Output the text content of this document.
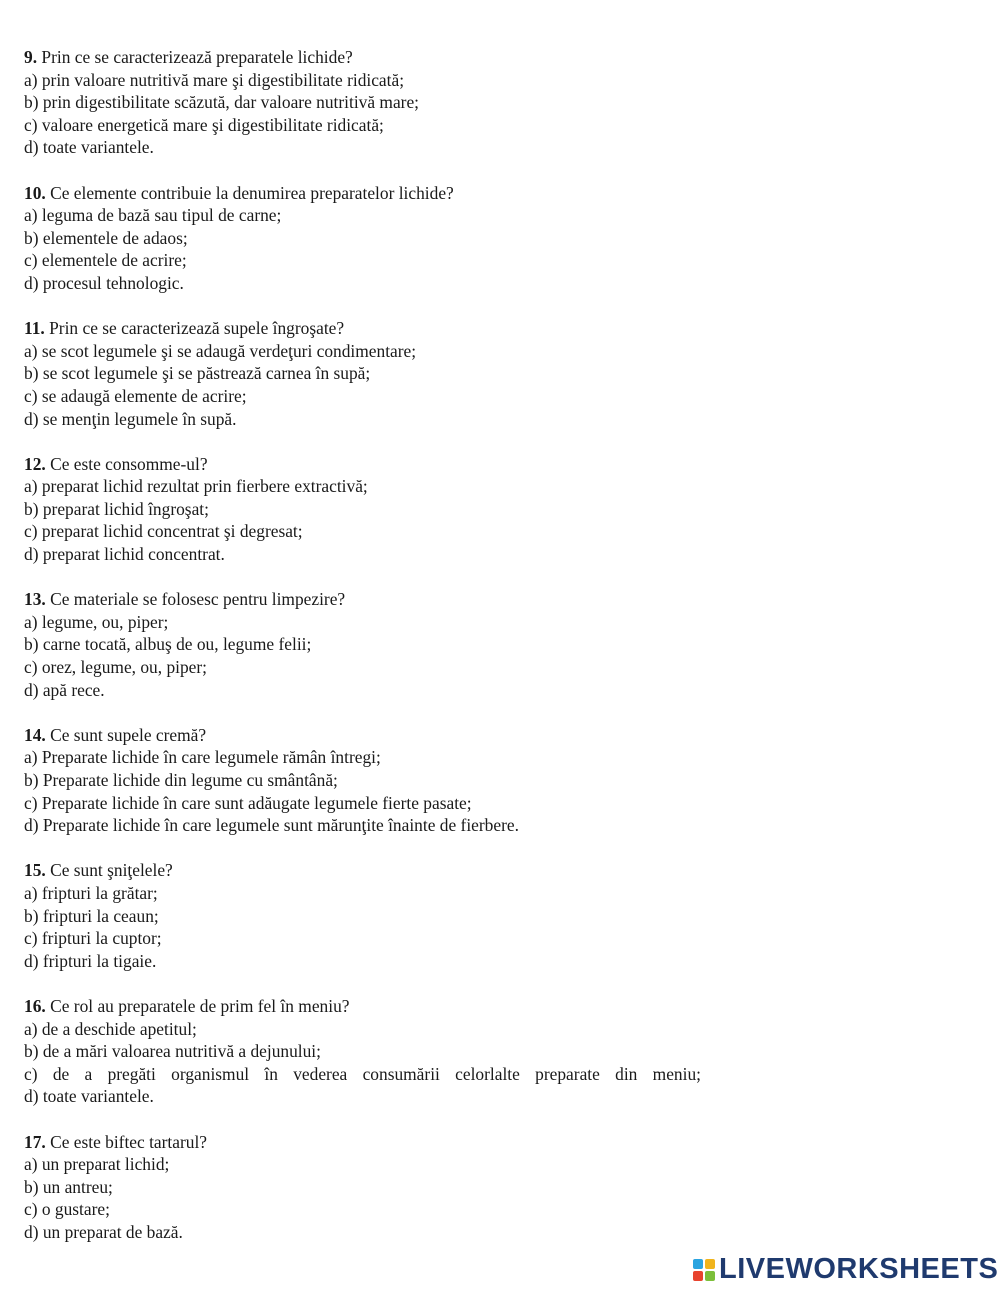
9. Prin ce se caracterizează preparatele lichide?
a) prin valoare nutritivă mare şi digestibilitate ridicată;
b) prin digestibilitate scăzută, dar valoare nutritivă mare;
c) valoare energetică mare şi digestibilitate ridicată;
d) toate variantele.
10. Ce elemente contribuie la denumirea preparatelor lichide?
a) leguma de bază sau tipul de carne;
b) elementele de adaos;
c) elementele de acrire;
d) procesul tehnologic.
11. Prin ce se caracterizează supele îngroşate?
a) se scot legumele şi se adaugă verdeţuri condimentare;
b) se scot legumele şi se păstrează carnea în supă;
c) se adaugă elemente de acrire;
d) se menţin legumele în supă.
12. Ce este consomme-ul?
a) preparat lichid rezultat prin fierbere extractivă;
b) preparat lichid îngroşat;
c) preparat lichid concentrat şi degresat;
d) preparat lichid concentrat.
13. Ce materiale se folosesc pentru limpezire?
a) legume, ou, piper;
b) carne tocată, albuş de ou, legume felii;
c) orez, legume, ou, piper;
d) apă rece.
14. Ce sunt supele cremă?
a) Preparate lichide în care legumele rămân întregi;
b) Preparate lichide din legume cu smântână;
c) Preparate lichide în care sunt adăugate legumele fierte pasate;
d) Preparate lichide în care legumele sunt mărunţite înainte de fierbere.
15. Ce sunt şniţelele?
a) fripturi la grătar;
b) fripturi la ceaun;
c) fripturi la cuptor;
d) fripturi la tigaie.
16. Ce rol au preparatele de prim fel în meniu?
a) de a deschide apetitul;
b) de a mări valoarea nutritivă a dejunului;
c) de a pregăti organismul în vederea consumării celorlalte preparate din meniu;
d) toate variantele.
17. Ce este biftec tartarul?
a) un preparat lichid;
b) un antreu;
c) o gustare;
d) un preparat de bază.
LIVEWORKSHEETS
